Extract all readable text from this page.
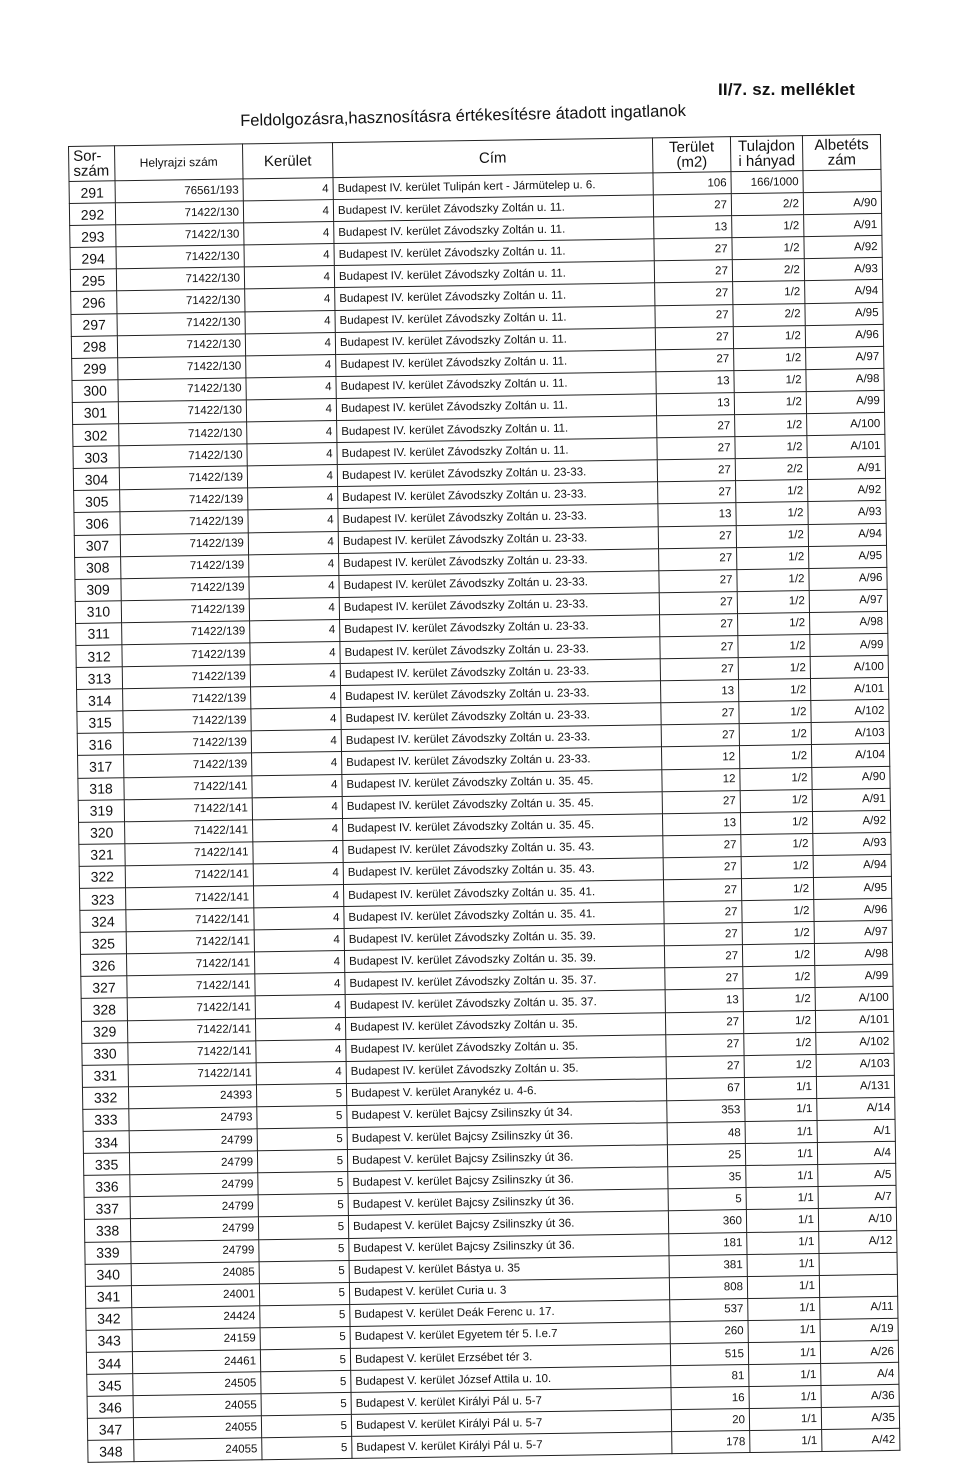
II/7. sz. melléklet
Feldolgozásra,hasznosításra értékesítésre átadott ingatlanok
Sor-szám	Helyrajzi szám	Kerület	Cím	Terület (m2)	Tulajdon i hányad	Albetéts zám
291	76561/193	4	Budapest IV. kerület Tulipán kert - Jármütelep u. 6.	106	166/1000	
292	71422/130	4	Budapest IV. kerület Závodszky Zoltán u. 11.	27	2/2	A/90
293	71422/130	4	Budapest IV. kerület Závodszky Zoltán u. 11.	13	1/2	A/91
294	71422/130	4	Budapest IV. kerület Závodszky Zoltán u. 11.	27	1/2	A/92
295	71422/130	4	Budapest IV. kerület Závodszky Zoltán u. 11.	27	2/2	A/93
296	71422/130	4	Budapest IV. kerület Závodszky Zoltán u. 11.	27	1/2	A/94
297	71422/130	4	Budapest IV. kerület Závodszky Zoltán u. 11.	27	2/2	A/95
298	71422/130	4	Budapest IV. kerület Závodszky Zoltán u. 11.	27	1/2	A/96
299	71422/130	4	Budapest IV. kerület Závodszky Zoltán u. 11.	27	1/2	A/97
300	71422/130	4	Budapest IV. kerület Závodszky Zoltán u. 11.	13	1/2	A/98
301	71422/130	4	Budapest IV. kerület Závodszky Zoltán u. 11.	13	1/2	A/99
302	71422/130	4	Budapest IV. kerület Závodszky Zoltán u. 11.	27	1/2	A/100
303	71422/130	4	Budapest IV. kerület Závodszky Zoltán u. 11.	27	1/2	A/101
304	71422/139	4	Budapest IV. kerület Závodszky Zoltán u. 23-33.	27	2/2	A/91
305	71422/139	4	Budapest IV. kerület Závodszky Zoltán u. 23-33.	27	1/2	A/92
306	71422/139	4	Budapest IV. kerület Závodszky Zoltán u. 23-33.	13	1/2	A/93
307	71422/139	4	Budapest IV. kerület Závodszky Zoltán u. 23-33.	27	1/2	A/94
308	71422/139	4	Budapest IV. kerület Závodszky Zoltán u. 23-33.	27	1/2	A/95
309	71422/139	4	Budapest IV. kerület Závodszky Zoltán u. 23-33.	27	1/2	A/96
310	71422/139	4	Budapest IV. kerület Závodszky Zoltán u. 23-33.	27	1/2	A/97
311	71422/139	4	Budapest IV. kerület Závodszky Zoltán u. 23-33.	27	1/2	A/98
312	71422/139	4	Budapest IV. kerület Závodszky Zoltán u. 23-33.	27	1/2	A/99
313	71422/139	4	Budapest IV. kerület Závodszky Zoltán u. 23-33.	27	1/2	A/100
314	71422/139	4	Budapest IV. kerület Závodszky Zoltán u. 23-33.	13	1/2	A/101
315	71422/139	4	Budapest IV. kerület Závodszky Zoltán u. 23-33.	27	1/2	A/102
316	71422/139	4	Budapest IV. kerület Závodszky Zoltán u. 23-33.	27	1/2	A/103
317	71422/139	4	Budapest IV. kerület Závodszky Zoltán u. 23-33.	12	1/2	A/104
318	71422/141	4	Budapest IV. kerület Závodszky Zoltán u. 35. 45.	12	1/2	A/90
319	71422/141	4	Budapest IV. kerület Závodszky Zoltán u. 35. 45.	27	1/2	A/91
320	71422/141	4	Budapest IV. kerület Závodszky Zoltán u. 35. 45.	13	1/2	A/92
321	71422/141	4	Budapest IV. kerület Závodszky Zoltán u. 35. 43.	27	1/2	A/93
322	71422/141	4	Budapest IV. kerület Závodszky Zoltán u. 35. 43.	27	1/2	A/94
323	71422/141	4	Budapest IV. kerület Závodszky Zoltán u. 35. 41.	27	1/2	A/95
324	71422/141	4	Budapest IV. kerület Závodszky Zoltán u. 35. 41.	27	1/2	A/96
325	71422/141	4	Budapest IV. kerület Závodszky Zoltán u. 35. 39.	27	1/2	A/97
326	71422/141	4	Budapest IV. kerület Závodszky Zoltán u. 35. 39.	27	1/2	A/98
327	71422/141	4	Budapest IV. kerület Závodszky Zoltán u. 35. 37.	27	1/2	A/99
328	71422/141	4	Budapest IV. kerület Závodszky Zoltán u. 35. 37.	13	1/2	A/100
329	71422/141	4	Budapest IV. kerület Závodszky Zoltán u. 35.	27	1/2	A/101
330	71422/141	4	Budapest IV. kerület Závodszky Zoltán u. 35.	27	1/2	A/102
331	71422/141	4	Budapest IV. kerület Závodszky Zoltán u. 35.	27	1/2	A/103
332	24393	5	Budapest V. kerület Aranykéz u. 4-6.	67	1/1	A/131
333	24793	5	Budapest V. kerület Bajcsy Zsilinszky út 34.	353	1/1	A/14
334	24799	5	Budapest V. kerület Bajcsy Zsilinszky út 36.	48	1/1	A/1
335	24799	5	Budapest V. kerület Bajcsy Zsilinszky út 36.	25	1/1	A/4
336	24799	5	Budapest V. kerület Bajcsy Zsilinszky út 36.	35	1/1	A/5
337	24799	5	Budapest V. kerület Bajcsy Zsilinszky út 36.	5	1/1	A/7
338	24799	5	Budapest V. kerület Bajcsy Zsilinszky út 36.	360	1/1	A/10
339	24799	5	Budapest V. kerület Bajcsy Zsilinszky út 36.	181	1/1	A/12
340	24085	5	Budapest V. kerület Bástya u. 35	381	1/1	
341	24001	5	Budapest V. kerület Curia u. 3	808	1/1	
342	24424	5	Budapest V. kerület Deák Ferenc u. 17.	537	1/1	A/11
343	24159	5	Budapest V. kerület Egyetem tér 5. I.e.7	260	1/1	A/19
344	24461	5	Budapest V. kerület Erzsébet tér 3.	515	1/1	A/26
345	24505	5	Budapest V. kerület József Attila u. 10.	81	1/1	A/4
346	24055	5	Budapest V. kerület Királyi Pál u. 5-7	16	1/1	A/36
347	24055	5	Budapest V. kerület Királyi Pál u. 5-7	20	1/1	A/35
348	24055	5	Budapest V. kerület Királyi Pál u. 5-7	178	1/1	A/42
